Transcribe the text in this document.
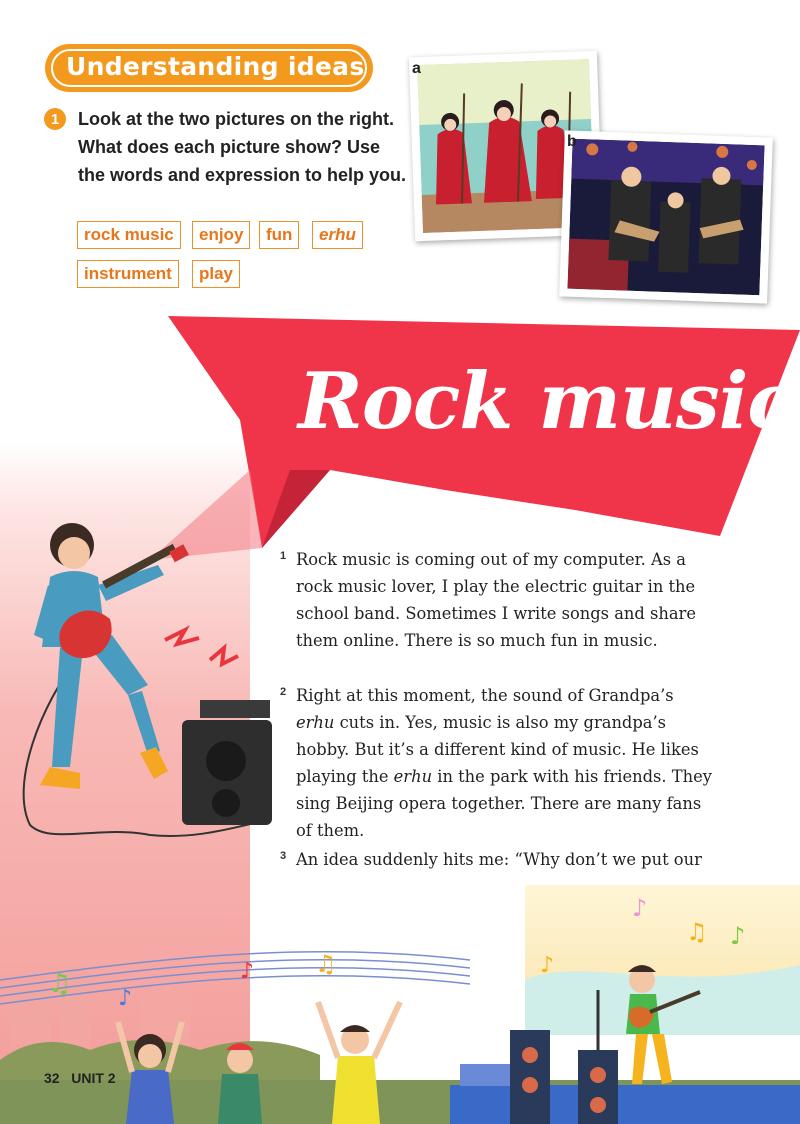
Understanding ideas
1	Look at the two pictures on the right. What does each picture show? Use the words and expression to help you.
rock music	enjoy	fun	erhu
instrument	play
a
b
Rock music
1 Rock music is coming out of my computer. As a rock music lover, I play the electric guitar in the school band. Sometimes I write songs and share them online. There is so much fun in music.
2 Right at this moment, the sound of Grandpa’s erhu cuts in. Yes, music is also my grandpa’s hobby. But it’s a different kind of music. He likes playing the erhu in the park with his friends. They sing Beijing opera together. There are many fans of them.
3 An idea suddenly hits me: “Why don’t we put our
♫ ♪
♪	♫
♪
♫ ♪
♪
32 UNIT 2
